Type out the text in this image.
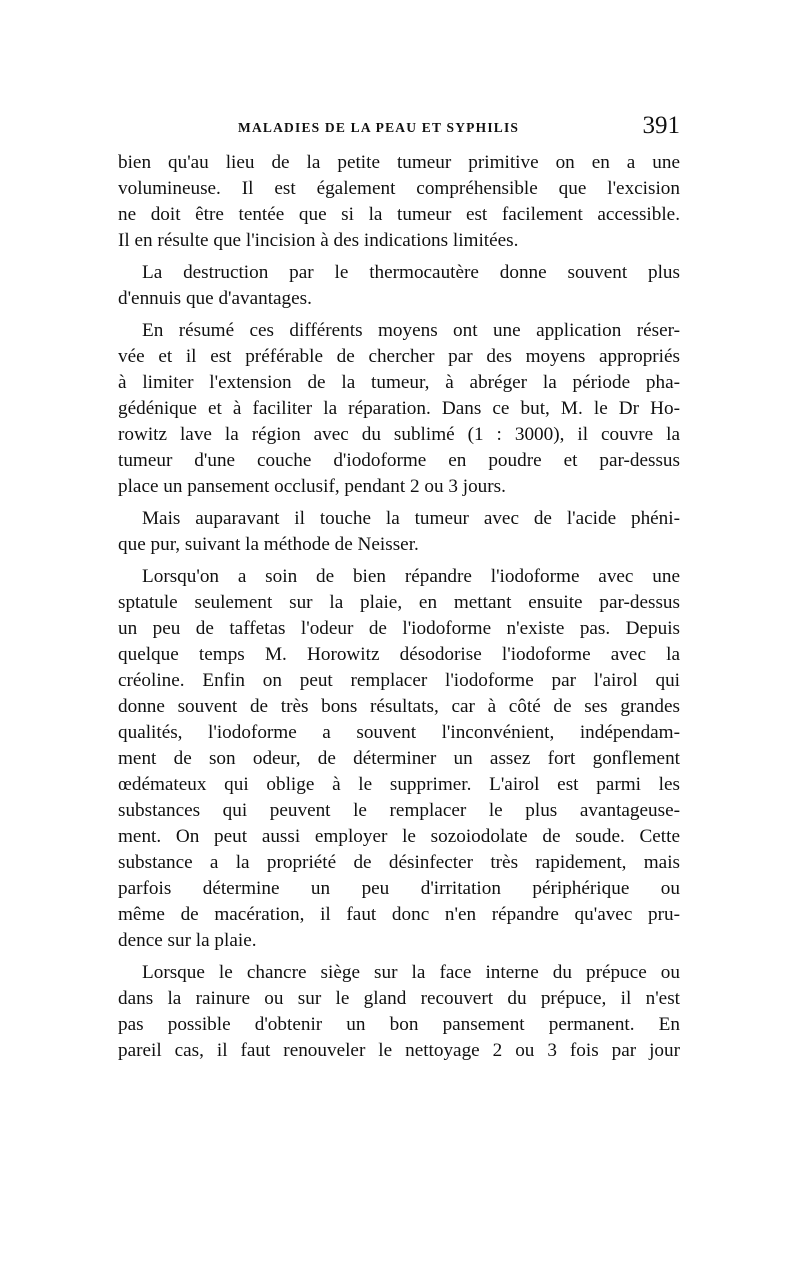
MALADIES DE LA PEAU ET SYPHILIS	391
bien qu'au lieu de la petite tumeur primitive on en a une
volumineuse. Il est également compréhensible que l'excision
ne doit être tentée que si la tumeur est facilement accessible.
Il en résulte que l'incision à des indications limitées.
La destruction par le thermocautère donne souvent plus
d'ennuis que d'avantages.
En résumé ces différents moyens ont une application réser-
vée et il est préférable de chercher par des moyens appropriés
à limiter l'extension de la tumeur, à abréger la période pha-
gédénique et à faciliter la réparation. Dans ce but, M. le Dr Ho-
rowitz lave la région avec du sublimé (1 : 3000), il couvre la
tumeur d'une couche d'iodoforme en poudre et par-dessus
place un pansement occlusif, pendant 2 ou 3 jours.
Mais auparavant il touche la tumeur avec de l'acide phéni-
que pur, suivant la méthode de Neisser.
Lorsqu'on a soin de bien répandre l'iodoforme avec une
sptatule seulement sur la plaie, en mettant ensuite par-dessus
un peu de taffetas l'odeur de l'iodoforme n'existe pas. Depuis
quelque temps M. Horowitz désodorise l'iodoforme avec la
créoline. Enfin on peut remplacer l'iodoforme par l'airol qui
donne souvent de très bons résultats, car à côté de ses grandes
qualités, l'iodoforme a souvent l'inconvénient, indépendam-
ment de son odeur, de déterminer un assez fort gonflement
œdémateux qui oblige à le supprimer. L'airol est parmi les
substances qui peuvent le remplacer le plus avantageuse-
ment. On peut aussi employer le sozoiodolate de soude. Cette
substance a la propriété de désinfecter très rapidement, mais
parfois détermine un peu d'irritation périphérique ou
même de macération, il faut donc n'en répandre qu'avec pru-
dence sur la plaie.
Lorsque le chancre siège sur la face interne du prépuce ou
dans la rainure ou sur le gland recouvert du prépuce, il n'est
pas possible d'obtenir un bon pansement permanent. En
pareil cas, il faut renouveler le nettoyage 2 ou 3 fois par jour
